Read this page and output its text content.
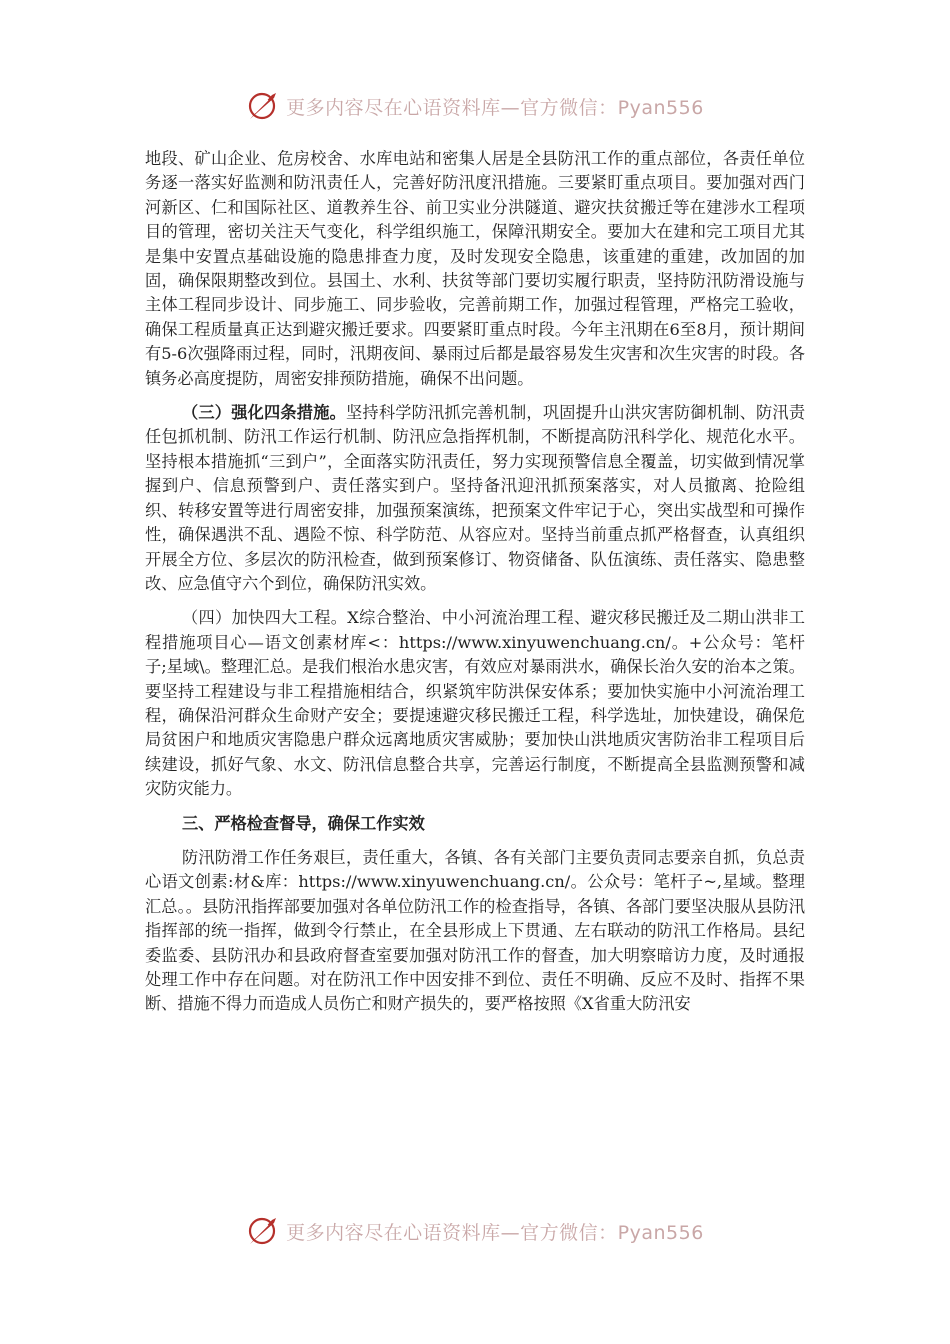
更多内容尽在心语资料库—官方微信：Pyan556

地段、矿山企业、危房校舍、水库电站和密集人居是全县防汛工作的重点部位，各责任单位务逐一落实好监测和防汛责任人，完善好防汛度汛措施。三要紧盯重点项目。要加强对西门河新区、仁和国际社区、道教养生谷、前卫实业分洪隧道、避灾扶贫搬迁等在建涉水工程项目的管理，密切关注天气变化，科学组织施工，保障汛期安全。要加大在建和完工项目尤其是集中安置点基础设施的隐患排查力度，及时发现安全隐患，该重建的重建，改加固的加固，确保限期整改到位。县国土、水利、扶贫等部门要切实履行职责，坚持防汛防滑设施与主体工程同步设计、同步施工、同步验收，完善前期工作，加强过程管理，严格完工验收，确保工程质量真正达到避灾搬迁要求。四要紧盯重点时段。今年主汛期在6至8月，预计期间有5-6次强降雨过程，同时，汛期夜间、暴雨过后都是最容易发生灾害和次生灾害的时段。各镇务必高度提防，周密安排预防措施，确保不出问题。

（三）强化四条措施。坚持科学防汛抓完善机制，巩固提升山洪灾害防御机制、防汛责任包抓机制、防汛工作运行机制、防汛应急指挥机制，不断提高防汛科学化、规范化水平。坚持根本措施抓“三到户”，全面落实防汛责任，努力实现预警信息全覆盖，切实做到情况掌握到户、信息预警到户、责任落实到户。坚持备汛迎汛抓预案落实，对人员撤离、抢险组织、转移安置等进行周密安排，加强预案演练，把预案文件牢记于心，突出实战型和可操作性，确保遇洪不乱、遇险不惊、科学防范、从容应对。坚持当前重点抓严格督查，认真组织开展全方位、多层次的防汛检查，做到预案修订、物资储备、队伍演练、责任落实、隐患整改、应急值守六个到位，确保防汛实效。

（四）加快四大工程。X综合整治、中小河流治理工程、避灾移民搬迁及二期山洪非工程措施项目心—语文创素材库<：https://www.xinyuwenchuang.cn/。+公众号：笔杆子;星域\。整理汇总。是我们根治水患灾害，有效应对暴雨洪水，确保长治久安的治本之策。要坚持工程建设与非工程措施相结合，织紧筑牢防洪保安体系；要加快实施中小河流治理工程，确保沿河群众生命财产安全；要提速避灾移民搬迁工程，科学选址，加快建设，确保危局贫困户和地质灾害隐患户群众远离地质灾害威胁；要加快山洪地质灾害防治非工程项目后续建设，抓好气象、水文、防汛信息整合共享，完善运行制度，不断提高全县监测预警和减灾防灾能力。

三、严格检查督导，确保工作实效

防汛防滑工作任务艰巨，责任重大，各镇、各有关部门主要负责同志要亲自抓，负总责心语文创素:材&库：https://www.xinyuwenchuang.cn/。公众号：笔杆子~,星域。整理汇总。。县防汛指挥部要加强对各单位防汛工作的检查指导，各镇、各部门要坚决服从县防汛指挥部的统一指挥，做到令行禁止，在全县形成上下贯通、左右联动的防汛工作格局。县纪委监委、县防汛办和县政府督查室要加强对防汛工作的督查，加大明察暗访力度，及时通报处理工作中存在问题。对在防汛工作中因安排不到位、责任不明确、反应不及时、指挥不果断、措施不得力而造成人员伤亡和财产损失的，要严格按照《X省重大防汛安

更多内容尽在心语资料库—官方微信：Pyan556
